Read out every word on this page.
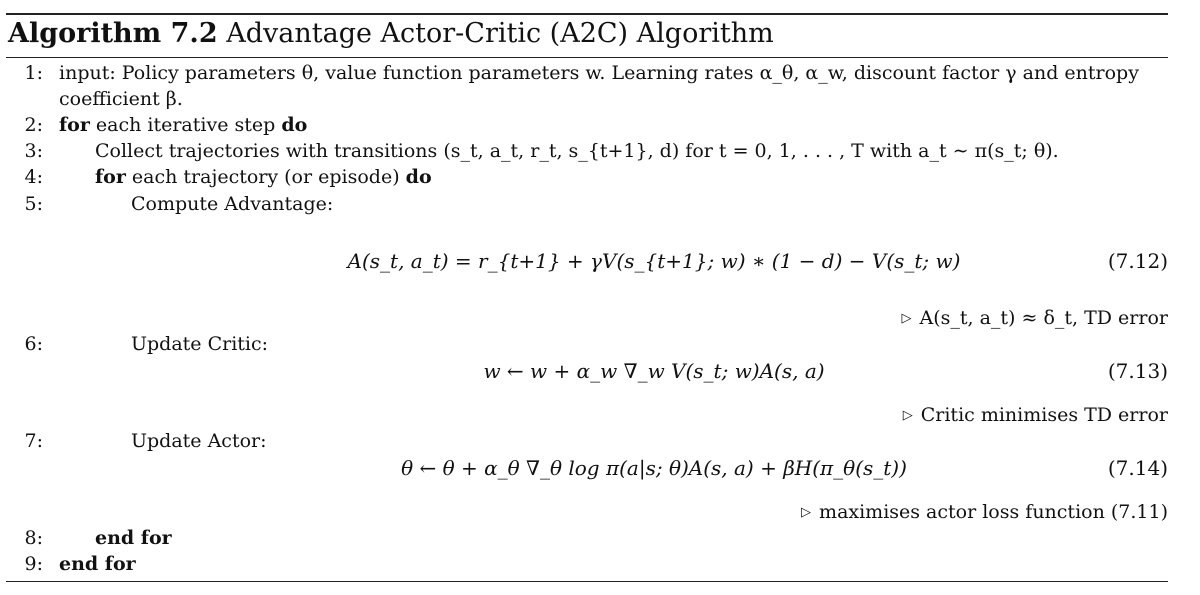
Algorithm 7.2 Advantage Actor-Critic (A2C) Algorithm
1: input: Policy parameters θ, value function parameters w. Learning rates α_θ, α_w, discount factor γ and entropy
coefficient β.
2: for each iterative step do
3:	Collect trajectories with transitions (s_t, a_t, r_t, s_{t+1}, d) for t = 0, 1, . . . , T with a_t ∼ π(s_t; θ).
4:	for each trajectory (or episode) do
5:	Compute Advantage:
A(s_t, a_t) = r_{t+1} + γV(s_{t+1}; w) ∗ (1 − d) − V(s_t; w)	(7.12)
▷ A(s_t, a_t) ≈ δ_t, TD error
6:	Update Critic:
w ← w + α_w ∇_w V(s_t; w)A(s, a)	(7.13)
▷ Critic minimises TD error
7:	Update Actor:
θ ← θ + α_θ ∇_θ log π(a|s; θ)A(s, a) + βH(π_θ(s_t))	(7.14)
▷ maximises actor loss function (7.11)
8:	end for
9: end for
